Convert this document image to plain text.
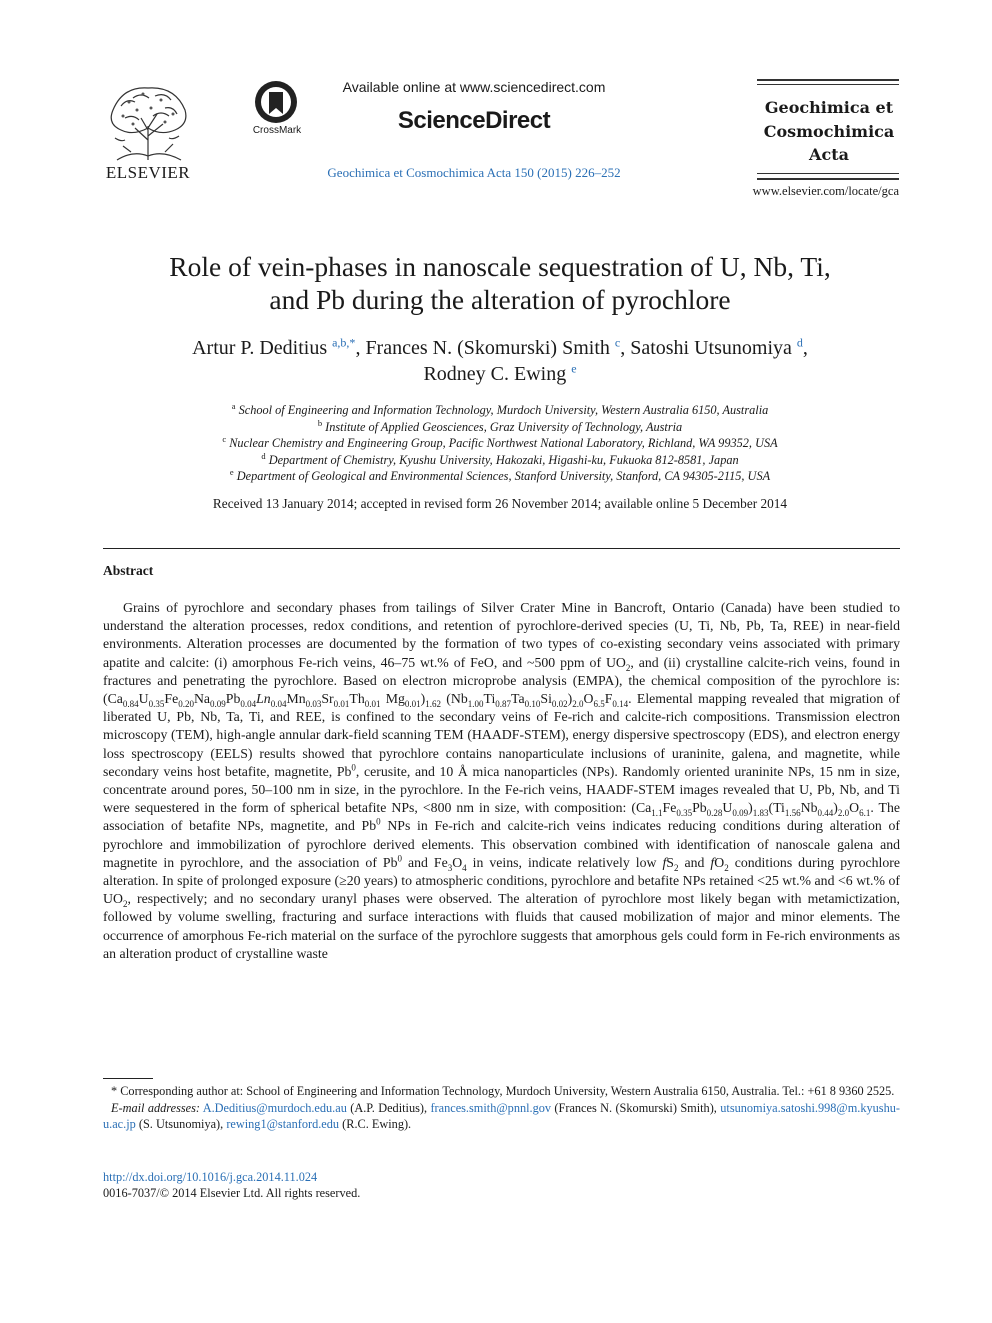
ELSEVIER
CrossMark
Available online at www.sciencedirect.com
ScienceDirect
Geochimica et Cosmochimica Acta 150 (2015) 226–252
Geochimica et
Cosmochimica
Acta
www.elsevier.com/locate/gca
Role of vein-phases in nanoscale sequestration of U, Nb, Ti,
and Pb during the alteration of pyrochlore
Artur P. Deditius $^{a,b,*}$, Frances N. (Skomurski) Smith $^c$, Satoshi Utsunomiya $^d$,
Rodney C. Ewing $^e$
$^a$ School of Engineering and Information Technology, Murdoch University, Western Australia 6150, Australia
$^b$ Institute of Applied Geosciences, Graz University of Technology, Austria
$^c$ Nuclear Chemistry and Engineering Group, Pacific Northwest National Laboratory, Richland, WA 99352, USA
$^d$ Department of Chemistry, Kyushu University, Hakozaki, Higashi-ku, Fukuoka 812-8581, Japan
$^e$ Department of Geological and Environmental Sciences, Stanford University, Stanford, CA 94305-2115, USA
Received 13 January 2014; accepted in revised form 26 November 2014; available online 5 December 2014
Abstract
Grains of pyrochlore and secondary phases from tailings of Silver Crater Mine in Bancroft, Ontario (Canada) have been studied to understand the alteration processes, redox conditions, and retention of pyrochlore-derived species (U, Ti, Nb, Pb, Ta, REE) in near-field environments. Alteration processes are documented by the formation of two types of co-existing secondary veins associated with primary apatite and calcite: (i) amorphous Fe-rich veins, 46–75 wt.% of FeO, and ~500 ppm of $UO_2$, and (ii) crystalline calcite-rich veins, found in fractures and penetrating the pyrochlore. Based on electron microprobe analysis (EMPA), the chemical composition of the pyrochlore is: ($Ca_{0.84}U_{0.35}Fe_{0.20}Na_{0.09}Pb_{0.04}Ln_{0.04}Mn_{0.03}Sr_{0.01}Th_{0.01}$ $Mg_{0.01})_{1.62}$ $(Nb_{1.00}Ti_{0.87}Ta_{0.10}Si_{0.02})_{2.0}O_{6.5}F_{0.14}$. Elemental mapping revealed that migration of liberated U, Pb, Nb, Ta, Ti, and REE, is confined to the secondary veins of Fe-rich and calcite-rich compositions. Transmission electron microscopy (TEM), high-angle annular dark-field scanning TEM (HAADF-STEM), energy dispersive spectroscopy (EDS), and electron energy loss spectroscopy (EELS) results showed that pyrochlore contains nanoparticulate inclusions of uraninite, galena, and magnetite, while secondary veins host betafite, magnetite, Pb$^0$, cerusite, and 10 Å mica nanoparticles (NPs). Randomly oriented uraninite NPs, 15 nm in size, concentrate around pores, 50–100 nm in size, in the pyrochlore. In the Fe-rich veins, HAADF-STEM images revealed that U, Pb, Nb, and Ti were sequestered in the form of spherical betafite NPs, <800 nm in size, with composition: $(Ca_{1.1}Fe_{0.35}Pb_{0.28}U_{0.09})_{1.83}(Ti_{1.56}Nb_{0.44})_{2.0}O_{6.1}$. The association of betafite NPs, magnetite, and Pb$^0$ NPs in Fe-rich and calcite-rich veins indicates reducing conditions during alteration of pyrochlore and immobilization of pyrochlore derived elements. This observation combined with identification of nanoscale galena and magnetite in pyrochlore, and the association of Pb$^0$ and $Fe_3O_4$ in veins, indicate relatively low $fS_2$ and $fO_2$ conditions during pyrochlore alteration. In spite of prolonged exposure (≥20 years) to atmospheric conditions, pyrochlore and betafite NPs retained <25 wt.% and <6 wt.% of $UO_2$, respectively; and no secondary uranyl phases were observed. The alteration of pyrochlore most likely began with metamictization, followed by volume swelling, fracturing and surface interactions with fluids that caused mobilization of major and minor elements. The occurrence of amorphous Fe-rich material on the surface of the pyrochlore suggests that amorphous gels could form in Fe-rich environments as an alteration product of crystalline waste

* Corresponding author at: School of Engineering and Information Technology, Murdoch University, Western Australia 6150, Australia. Tel.: +61 8 9360 2525.

E-mail addresses: A.Deditius@murdoch.edu.au (A.P. Deditius), frances.smith@pnnl.gov (Frances N. (Skomurski) Smith), utsunomiya.satoshi.998@m.kyushu-u.ac.jp (S. Utsunomiya), rewing1@stanford.edu (R.C. Ewing).

http://dx.doi.org/10.1016/j.gca.2014.11.024
0016-7037/© 2014 Elsevier Ltd. All rights reserved.
